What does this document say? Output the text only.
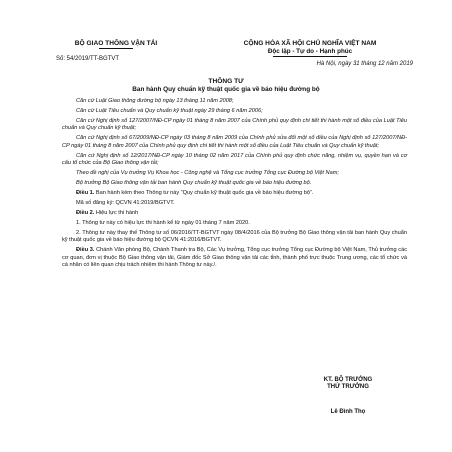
BỘ GIAO THÔNG VẬN TẢI
Số: 54/2019/TT-BGTVT
CỘNG HÒA XÃ HỘI CHỦ NGHĨA VIỆT NAM
Độc lập - Tự do - Hạnh phúc
Hà Nội, ngày 31 tháng 12 năm 2019
THÔNG TƯ
Ban hành Quy chuẩn kỹ thuật quốc gia về báo hiệu đường bộ

Căn cứ Luật Giao thông đường bộ ngày 13 tháng 11 năm 2008;

Căn cứ Luật Tiêu chuẩn và Quy chuẩn kỹ thuật ngày 29 tháng 6 năm 2006;

Căn cứ Nghị định số 127/2007/NĐ-CP ngày 01 tháng 8 năm 2007 của Chính phủ quy định chi tiết thi hành một số điều của Luật Tiêu chuẩn và Quy chuẩn kỹ thuật;

Căn cứ Nghị định số 67/2009/NĐ-CP ngày 03 tháng 8 năm 2009 của Chính phủ sửa đổi một số điều của Nghị định số 127/2007/NĐ-CP ngày 01 tháng 8 năm 2007 của Chính phủ quy định chi tiết thi hành một số điều của Luật Tiêu chuẩn và Quy chuẩn kỹ thuật;

Căn cứ Nghị định số 12/2017/NĐ-CP ngày 10 tháng 02 năm 2017 của Chính phủ quy định chức năng, nhiệm vụ, quyền hạn và cơ cấu tổ chức của Bộ Giao thông vận tải;

Theo đề nghị của Vụ trưởng Vụ Khoa học - Công nghệ và Tổng cục trưởng Tổng cục Đường bộ Việt Nam;

Bộ trưởng Bộ Giao thông vận tải ban hành Quy chuẩn kỹ thuật quốc gia về báo hiệu đường bộ.

Điều 1. Ban hành kèm theo Thông tư này “Quy chuẩn kỹ thuật quốc gia về báo hiệu đường bộ”.

Mã số đăng ký: QCVN 41:2019/BGTVT.

Điều 2. Hiệu lực thi hành

1. Thông tư này có hiệu lực thi hành kể từ ngày 01 tháng 7 năm 2020.

2. Thông tư này thay thế Thông tư số 06/2016/TT-BGTVT ngày 08/4/2016 của Bộ trưởng Bộ Giao thông vận tải ban hành Quy chuẩn kỹ thuật quốc gia về báo hiệu đường bộ QCVN 41:2016/BGTVT.

Điều 3. Chánh Văn phòng Bộ, Chánh Thanh tra Bộ, Các Vụ trưởng, Tổng cục trưởng Tổng cục Đường bộ Việt Nam, Thủ trưởng các cơ quan, đơn vị thuộc Bộ Giao thông vận tải, Giám đốc Sở Giao thông vận tải các tỉnh, thành phố trực thuộc Trung ương, các tổ chức và cá nhân có liên quan chịu trách nhiệm thi hành Thông tư này./.

KT. BỘ TRƯỞNG
THỨ TRƯỞNG
Lê Đình Thọ
